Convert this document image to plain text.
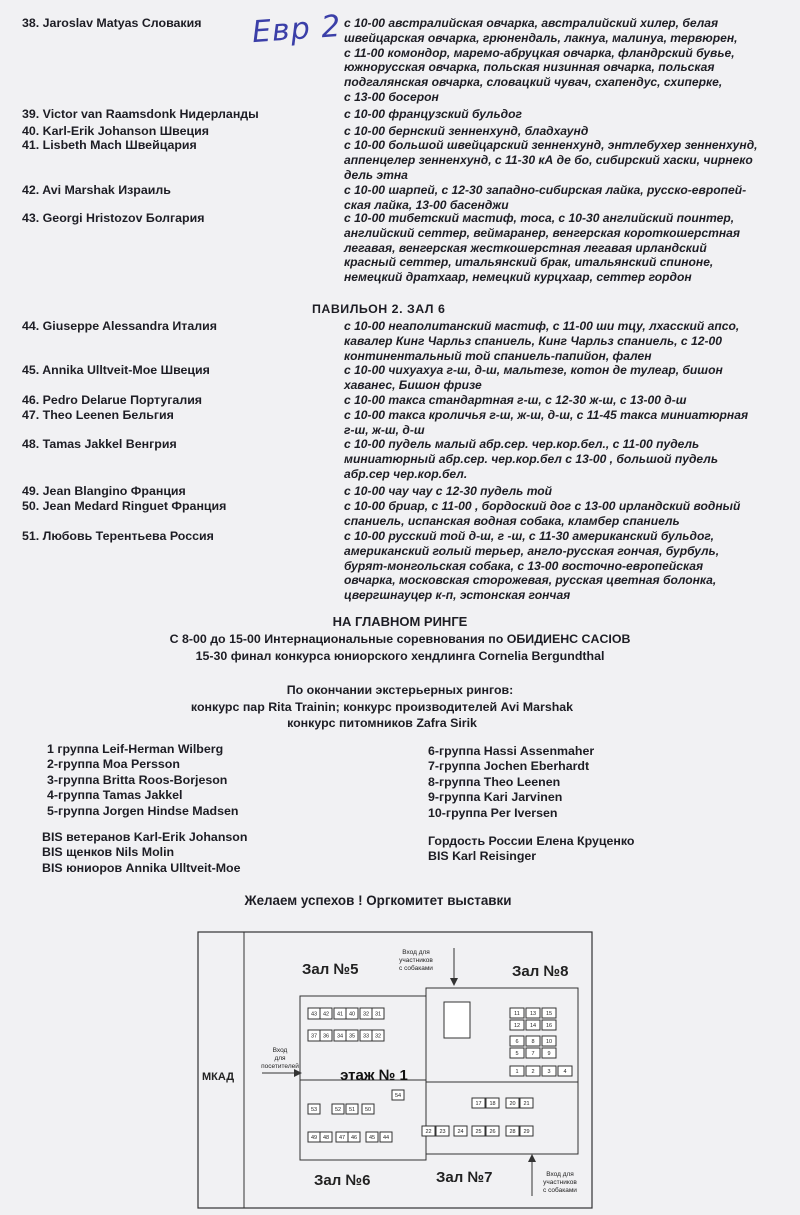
Евр 2
38. Jaroslav Matyas Словакия	с 10-00 австралийская овчарка, австралийский хилер, белая
швейцарская овчарка, грюнендаль, лакнуа, малинуа, тервюрен,
с 11-00 комондор, маремо-абруцкая овчарка, фландрский бувье,
южнорусская овчарка, польская низинная овчарка, польская
подгалянская овчарка, словацкий чувач, схапендус, схиперке,
с 13-00 босерон
39. Victor van Raamsdonk Нидерланды	с 10-00 французский бульдог
40. Karl-Erik Johanson Швеция	с 10-00 бернский зенненхунд, бладхаунд
41. Lisbeth Mach Швейцария	с 10-00 большой швейцарский зенненхунд, энтлебухер зенненхунд,
аппенцелер зенненхунд, с 11-30 кА де бо, сибирский хаски, чирнеко
дель этна
42. Avi Marshak Израиль	с 10-00 шарпей, с 12-30 западно-сибирская лайка, русско-европей-
ская лайка, 13-00 басенджи
43. Georgi Hristozov Болгария	с 10-00 тибетский мастиф, тоса, с 10-30 английский поинтер,
английский сеттер, веймаранер, венгерская короткошерстная
легавая, венгерская жесткошерстная легавая ирландский
красный сеттер, итальянский брак, итальянский спиноне,
немецкий дратхаар, немецкий курцхаар, сеттер гордон
ПАВИЛЬОН 2. ЗАЛ 6
44. Giuseppe Alessandra Италия	с 10-00 неаполитанский мастиф, с 11-00 ши тцу, лхасский апсо,
кавалер Кинг Чарльз спаниель, Кинг Чарльз спаниель, с 12-00
континентальный той спаниель-папийон, фален
45. Annika Ulltveit-Moe Швеция	с 10-00 чихуахуа г-ш, д-ш, мальтезе, котон де тулеар, бишон
хаванес, Бишон фризе
46. Pedro Delarue Португалия	с 10-00 такса стандартная г-ш, с 12-30 ж-ш, с 13-00 д-ш
47. Theo Leenen Бельгия	с 10-00 такса кроличья г-ш, ж-ш, д-ш, с 11-45 такса миниатюрная
г-ш, ж-ш, д-ш
48. Tamas Jakkel Венгрия	с 10-00 пудель малый абр.сер. чер.кор.бел., с 11-00 пудель
миниатюрный абр.сер. чер.кор.бел с 13-00 , большой пудель
абр.сер чер.кор.бел.
49. Jean Blangino Франция	с 10-00 чау чау с 12-30 пудель той
50. Jean Medard Ringuet Франция	с 10-00 бриар, с 11-00 , бордоский дог с 13-00 ирландский водный
спаниель, испанская водная собака, кламбер спаниель
51. Любовь Терентьева Россия	с 10-00 русский той д-ш, г -ш, с 11-30 американский бульдог,
американский голый терьер, англо-русская гончая, бурбуль,
бурят-монгольская собака, с 13-00 восточно-европейская
овчарка, московская сторожевая, русская цветная болонка,
цвергшнауцер к-п, эстонская гончая
НА ГЛАВНОМ РИНГЕ
С 8-00 до 15-00 Интернациональные соревнования по ОБИДИЕНС CACIOB
15-30 финал конкурса юниорского хендлинга Cornelia Bergundthal
По окончании экстерьерных рингов:
конкурс пар Rita Trainin; конкурс производителей Avi Marshak
конкурс питомников Zafra Sirik
1 группа Leif-Herman Wilberg
2-группа Moa Persson
3-группа Britta Roos-Borjeson
4-группа Tamas Jakkel
5-группа Jorgen Hindse Madsen
6-группа Hassi Assenmaher
7-группа Jochen Eberhardt
8-группа Theo Leenen
9-группа Kari Jarvinen
10-группа Per Iversen
BIS ветеранов Karl-Erik Johanson
BIS щенков Nils Molin
BIS юниоров Annika Ulltveit-Moe
Гордость России Елена Круценко
BIS Karl Reisinger
Желаем успехов ! Оргкомитет выставки
МКАД
Зал №5	Зал №8
Зал №6	Зал №7
Вход для
участников
с собаками
Вход
для
посетителей
Вход для
участников
с собаками
11 13 15
12 14 16
6 8 10
5 7 9
1 2 3 4
17 18	20 21
22 23 24 25 26	28 29
43 42 41 40 32 31
37 36 34 35 33 32
53	52 51
49 48 47 46 45 44
54
50
этаж № 1
